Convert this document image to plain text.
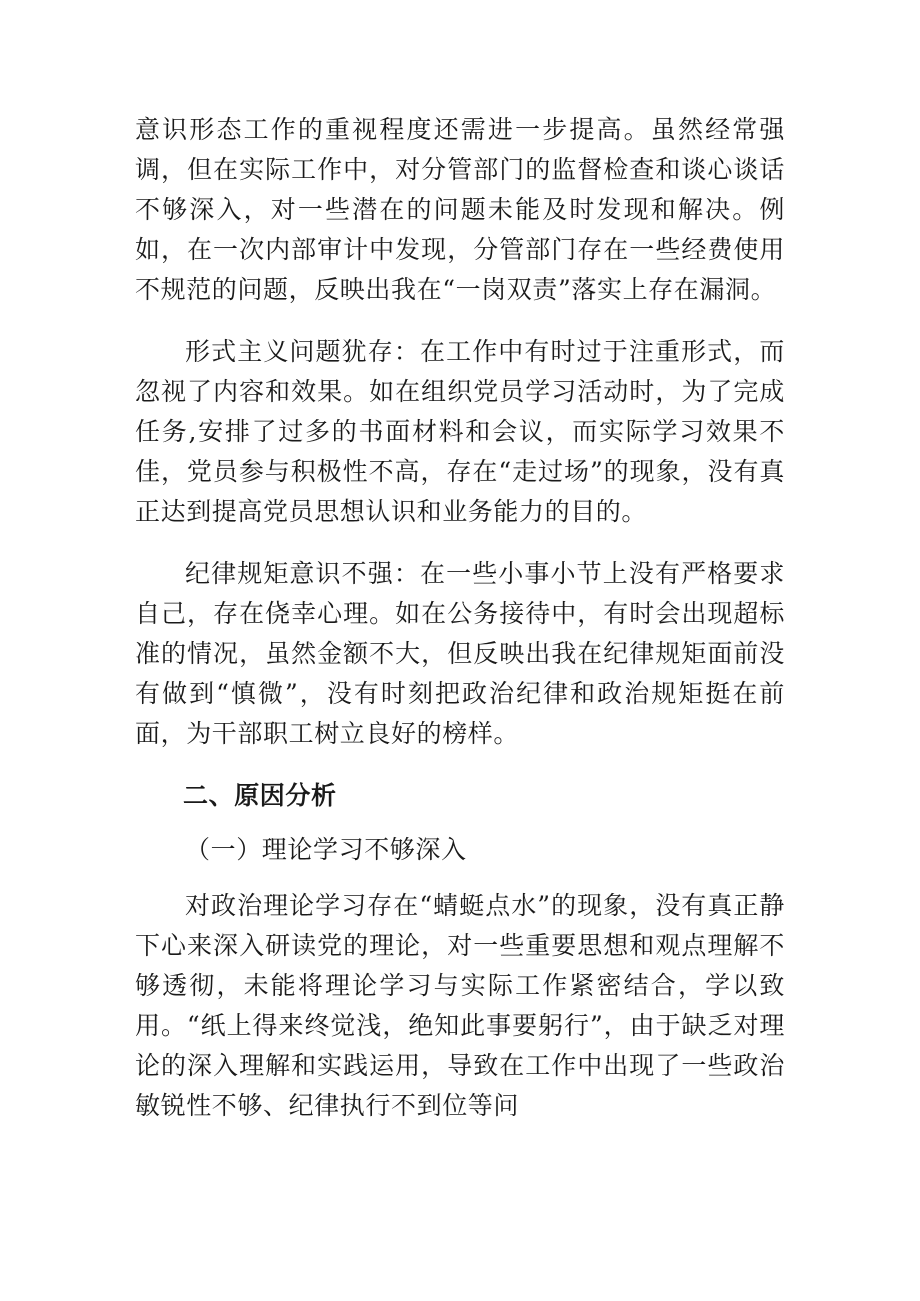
意识形态工作的重视程度还需进一步提高。虽然经常强调，但在实际工作中，对分管部门的监督检查和谈心谈话不够深入，对一些潜在的问题未能及时发现和解决。例如，在一次内部审计中发现，分管部门存在一些经费使用不规范的问题，反映出我在“一岗双责”落实上存在漏洞。

形式主义问题犹存：在工作中有时过于注重形式，而忽视了内容和效果。如在组织党员学习活动时，为了完成任务,安排了过多的书面材料和会议，而实际学习效果不佳，党员参与积极性不高，存在“走过场”的现象，没有真正达到提高党员思想认识和业务能力的目的。

纪律规矩意识不强：在一些小事小节上没有严格要求自己，存在侥幸心理。如在公务接待中，有时会出现超标准的情况，虽然金额不大，但反映出我在纪律规矩面前没有做到“慎微”，没有时刻把政治纪律和政治规矩挺在前面，为干部职工树立良好的榜样。

二、原因分析
（一）理论学习不够深入

对政治理论学习存在“蜻蜓点水”的现象，没有真正静下心来深入研读党的理论，对一些重要思想和观点理解不够透彻，未能将理论学习与实际工作紧密结合，学以致用。“纸上得来终觉浅，绝知此事要躬行”，由于缺乏对理论的深入理解和实践运用，导致在工作中出现了一些政治敏锐性不够、纪律执行不到位等问
